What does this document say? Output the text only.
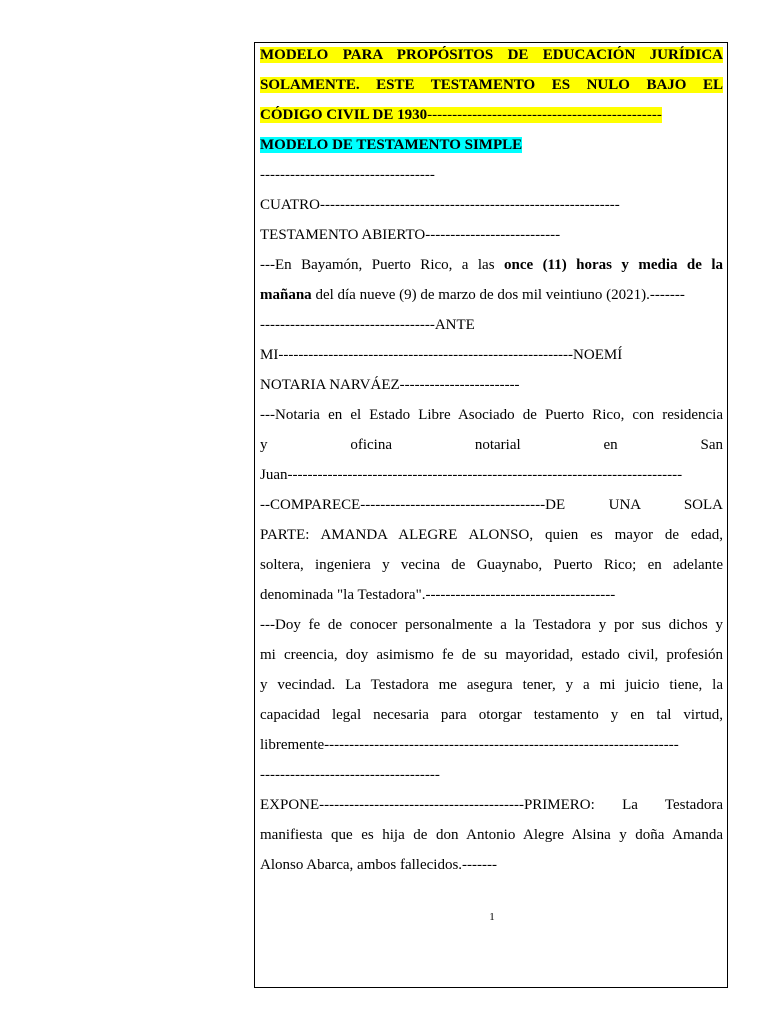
MODELO PARA PROPÓSITOS DE EDUCACIÓN JURÍDICA
SOLAMENTE. ESTE TESTAMENTO ES NULO BAJO EL
CÓDIGO CIVIL DE 1930-----------------------------------------------
MODELO DE TESTAMENTO SIMPLE
-----------------------------------
CUATRO------------------------------------------------------------
TESTAMENTO ABIERTO---------------------------
---En Bayamón, Puerto Rico, a las once (11) horas y media de la
mañana del día nueve (9) de marzo de dos mil veintiuno (2021).-------
-----------------------------------ANTE
MI-----------------------------------------------------------NOEMÍ
NOTARIA NARVÁEZ------------------------
---Notaria en el Estado Libre Asociado de Puerto Rico, con residencia
y oficina notarial en San
Juan-------------------------------------------------------------------------------
--COMPARECE-------------------------------------DE UNA SOLA
PARTE: AMANDA ALEGRE ALONSO, quien es mayor de edad,
soltera, ingeniera y vecina de Guaynabo, Puerto Rico; en adelante
denominada "la Testadora".--------------------------------------
---Doy fe de conocer personalmente a la Testadora y por sus dichos y
mi creencia, doy asimismo fe de su mayoridad, estado civil, profesión
y vecindad. La Testadora me asegura tener, y a mi juicio tiene, la
capacidad legal necesaria para otorgar testamento y en tal virtud,
libremente-----------------------------------------------------------------------
------------------------------------
EXPONE-----------------------------------------PRIMERO: La Testadora
manifiesta que es hija de don Antonio Alegre Alsina y doña Amanda
Alonso Abarca, ambos fallecidos.-------
1
